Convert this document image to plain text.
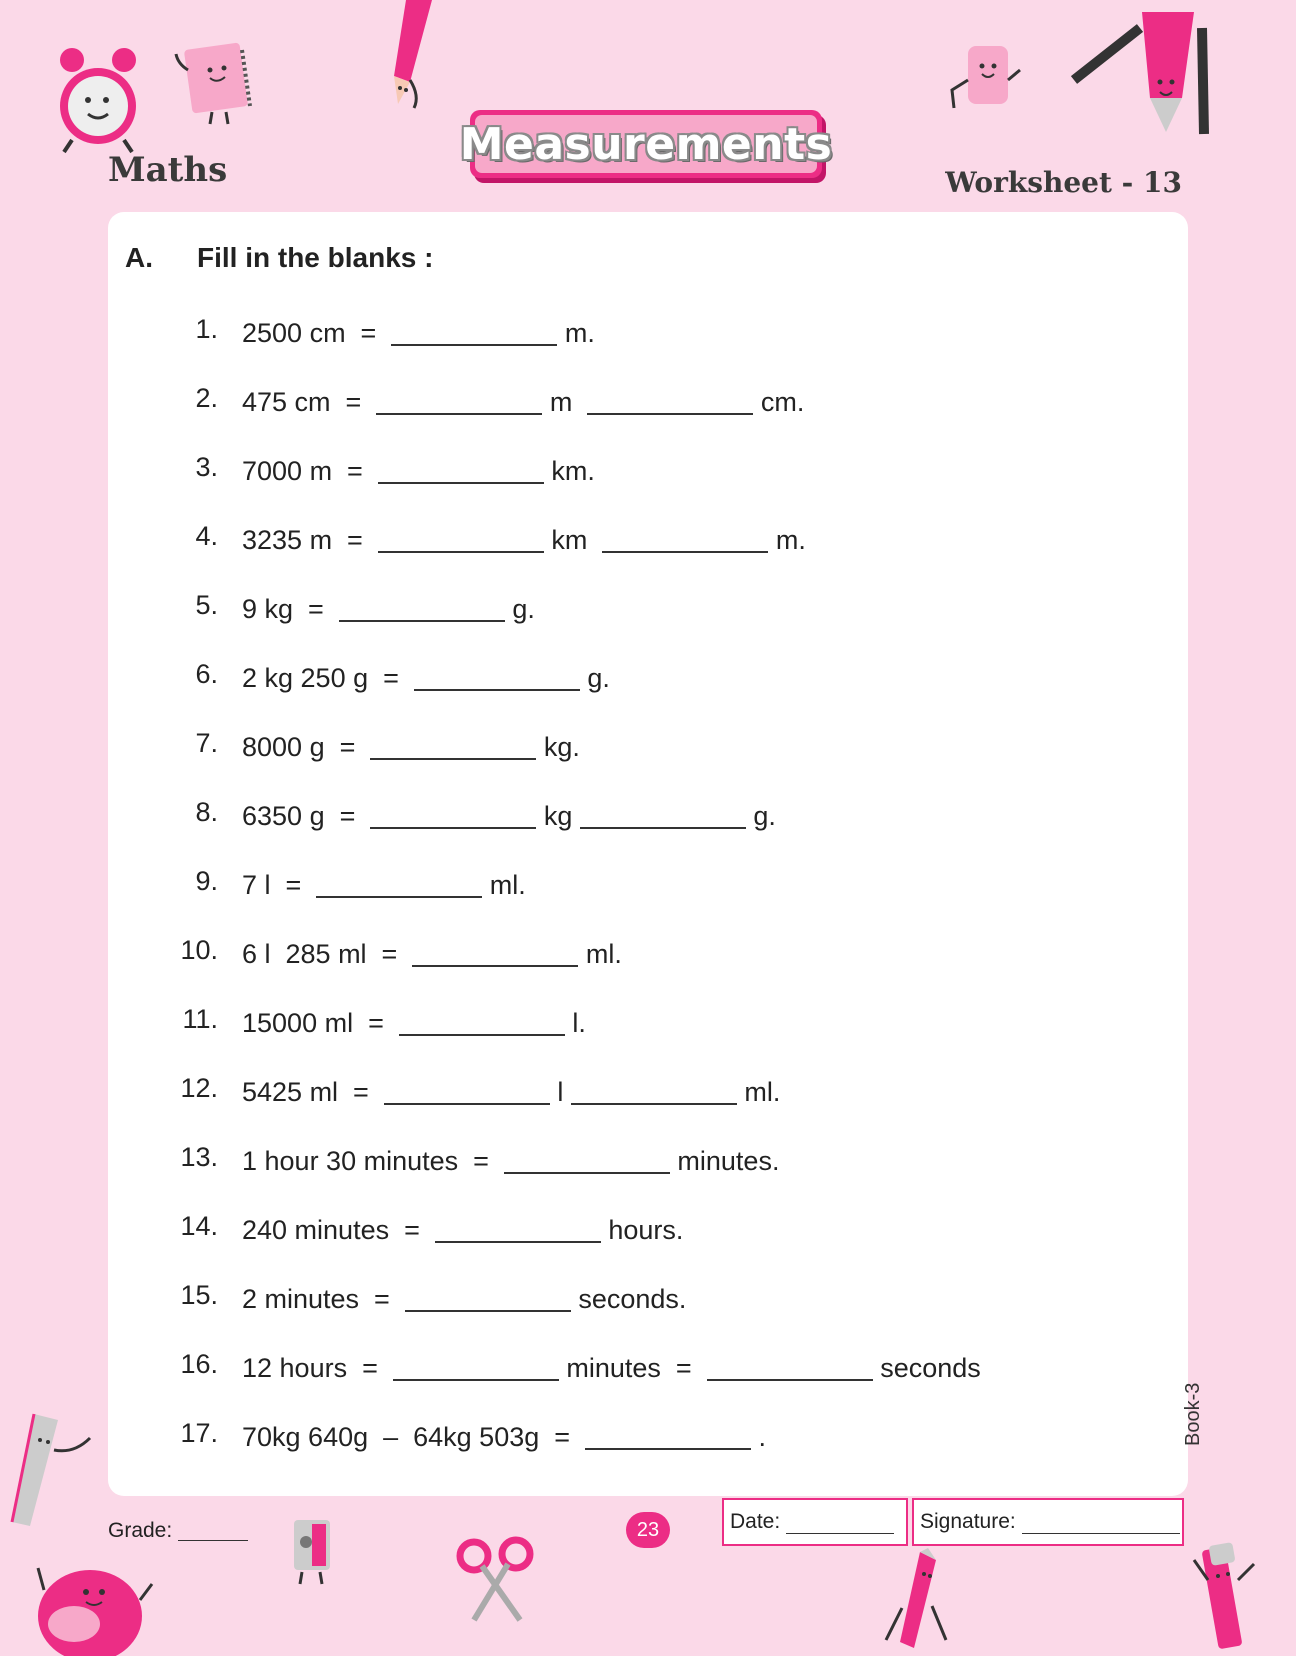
Maths
Measurements
Worksheet - 13
A. Fill in the blanks :
1. 2500 cm  =	m.
2. 475 cm  =	m	cm.
3. 7000 m  =	km.
4. 3235 m  =	km	m.
5. 9 kg  =	g.
6. 2 kg 250 g  =	g.
7. 8000 g  =	kg.
8. 6350 g  =	kg	g.
9. 7 l  =	ml.
10. 6 l  285 ml  =	ml.
11. 15000 ml  =	l.
12. 5425 ml  =	l	ml.
13. 1 hour 30 minutes  =	minutes.
14. 240 minutes  =	hours.
15. 2 minutes  =	seconds.
16. 12 hours  =	minutes  =	seconds
17. 70kg 640g  –  64kg 503g  =	.	Book-3
Grade:	23	Date:	Signature:
